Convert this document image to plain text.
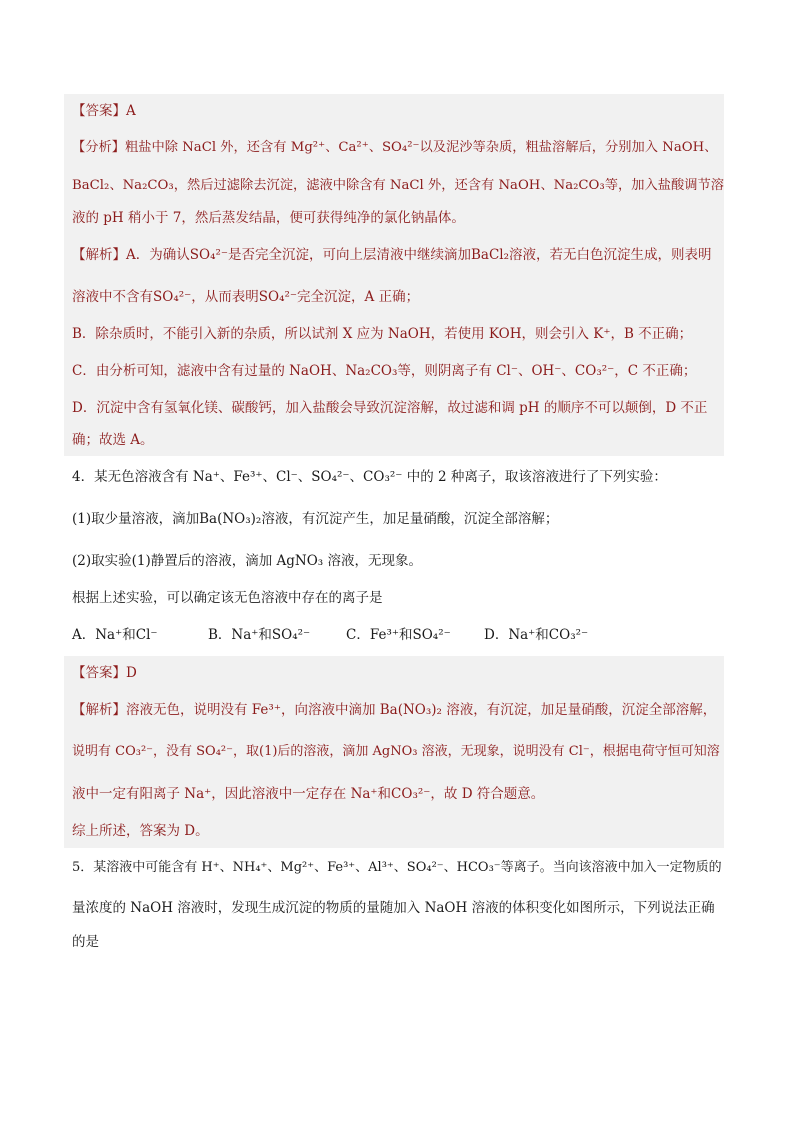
【答案】A
【分析】粗盐中除 NaCl 外，还含有 Mg²⁺、Ca²⁺、SO₄²⁻以及泥沙等杂质，粗盐溶解后，分别加入 NaOH、
BaCl₂、Na₂CO₃，然后过滤除去沉淀，滤液中除含有 NaCl 外，还含有 NaOH、Na₂CO₃等，加入盐酸调节溶
液的 pH 稍小于 7，然后蒸发结晶，便可获得纯净的氯化钠晶体。
【解析】A．为确认SO₄²⁻是否完全沉淀，可向上层清液中继续滴加BaCl₂溶液，若无白色沉淀生成，则表明
溶液中不含有SO₄²⁻，从而表明SO₄²⁻完全沉淀，A 正确；
B．除杂质时，不能引入新的杂质，所以试剂 X 应为 NaOH，若使用 KOH，则会引入 K⁺，B 不正确；
C．由分析可知，滤液中含有过量的 NaOH、Na₂CO₃等，则阴离子有 Cl⁻、OH⁻、CO₃²⁻，C 不正确；
D．沉淀中含有氢氧化镁、碳酸钙，加入盐酸会导致沉淀溶解，故过滤和调 pH 的顺序不可以颠倒，D 不正
确；故选 A。
4．某无色溶液含有 Na⁺、Fe³⁺、Cl⁻、SO₄²⁻、CO₃²⁻ 中的 2 种离子，取该溶液进行了下列实验：
(1)取少量溶液，滴加Ba(NO₃)₂溶液，有沉淀产生，加足量硝酸，沉淀全部溶解；
(2)取实验(1)静置后的溶液，滴加 AgNO₃ 溶液，无现象。
根据上述实验，可以确定该无色溶液中存在的离子是
A．Na⁺和Cl⁻	B．Na⁺和SO₄²⁻	C．Fe³⁺和SO₄²⁻ D．Na⁺和CO₃²⁻
【答案】D
【解析】溶液无色，说明没有 Fe³⁺，向溶液中滴加 Ba(NO₃)₂ 溶液，有沉淀，加足量硝酸，沉淀全部溶解，
说明有 CO₃²⁻，没有 SO₄²⁻，取(1)后的溶液，滴加 AgNO₃ 溶液，无现象，说明没有 Cl⁻，根据电荷守恒可知溶
液中一定有阳离子 Na⁺，因此溶液中一定存在 Na⁺和CO₃²⁻，故 D 符合题意。
综上所述，答案为 D。
5．某溶液中可能含有 H⁺、NH₄⁺、Mg²⁺、Fe³⁺、Al³⁺、SO₄²⁻、HCO₃⁻等离子。当向该溶液中加入一定物质的
量浓度的 NaOH 溶液时，发现生成沉淀的物质的量随加入 NaOH 溶液的体积变化如图所示，下列说法正确
的是
